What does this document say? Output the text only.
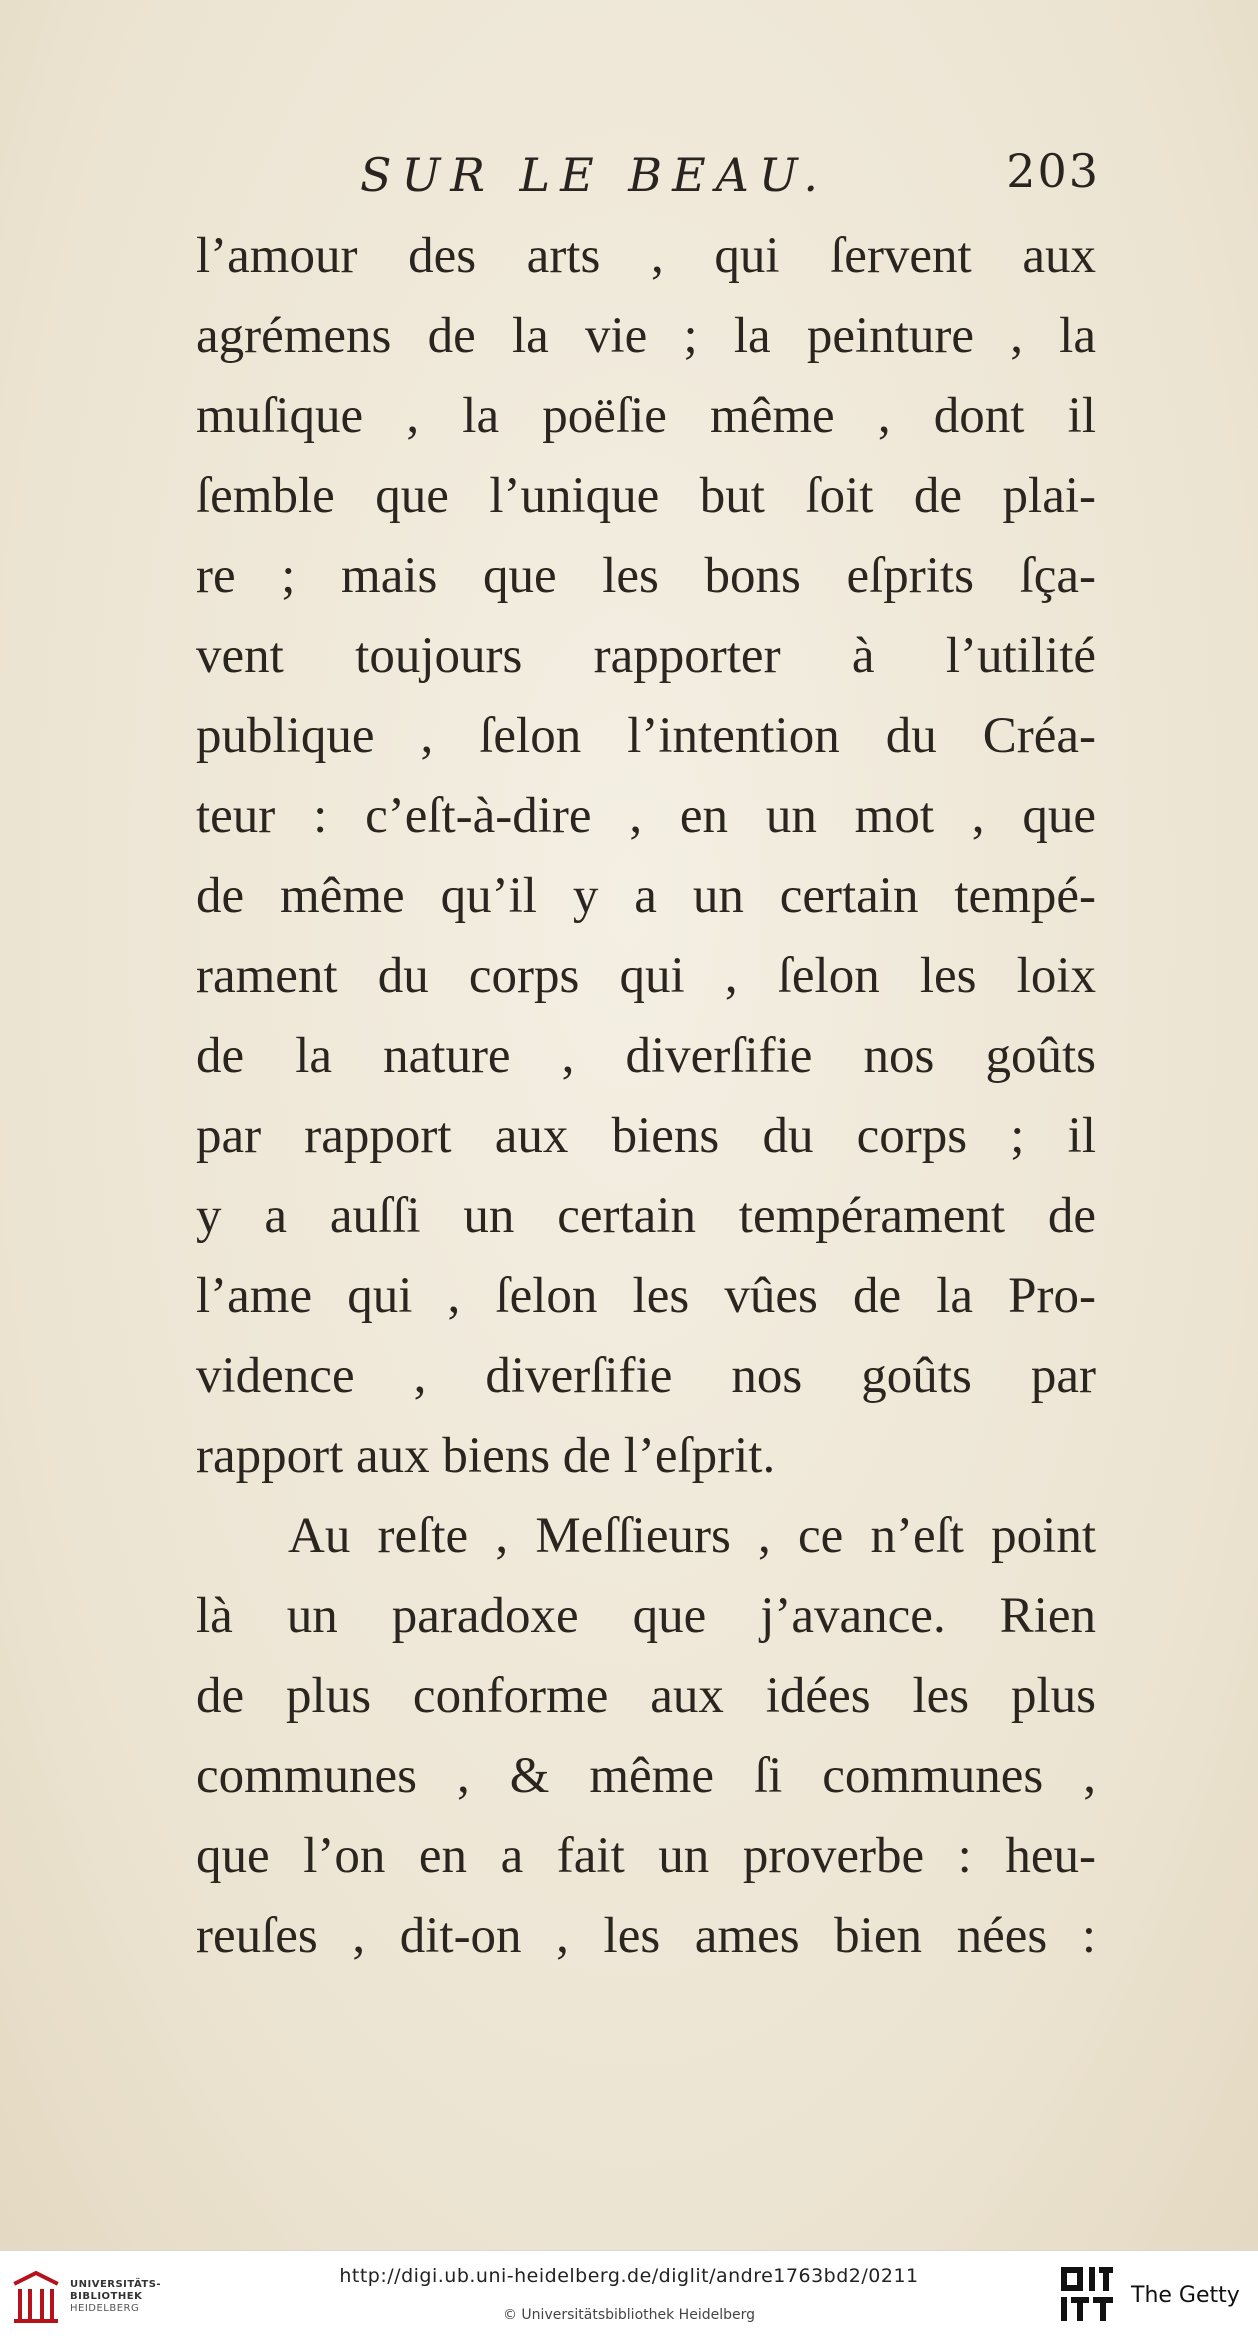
SUR LE BEAU.	203
l’amour des arts , qui ſervent aux
agrémens de la vie ; la peinture , la
muſique , la poëſie même , dont il
ſemble que l’unique but ſoit de plai-
re ; mais que les bons eſprits ſça-
vent toujours rapporter à l’utilité
publique , ſelon l’intention du Créa-
teur : c’eſt-à-dire , en un mot , que
de même qu’il y a un certain tempé-
rament du corps qui , ſelon les loix
de la nature , diverſifie nos goûts
par rapport aux biens du corps ; il
y a auſſi un certain tempérament de
l’ame qui , ſelon les vûes de la Pro-
vidence , diverſifie nos goûts par
rapport aux biens de l’eſprit.
Au reſte , Meſſieurs , ce n’eſt point
là un paradoxe que j’avance. Rien
de plus conforme aux idées les plus
communes , & même ſi communes ,
que l’on en a fait un proverbe : heu-
reuſes , dit-on , les ames bien nées :
UNIVERSITÄTS-
BIBLIOTHEK
HEIDELBERG
http://digi.ub.uni-heidelberg.de/diglit/andre1763bd2/0211
© Universitätsbibliothek Heidelberg
The Getty
